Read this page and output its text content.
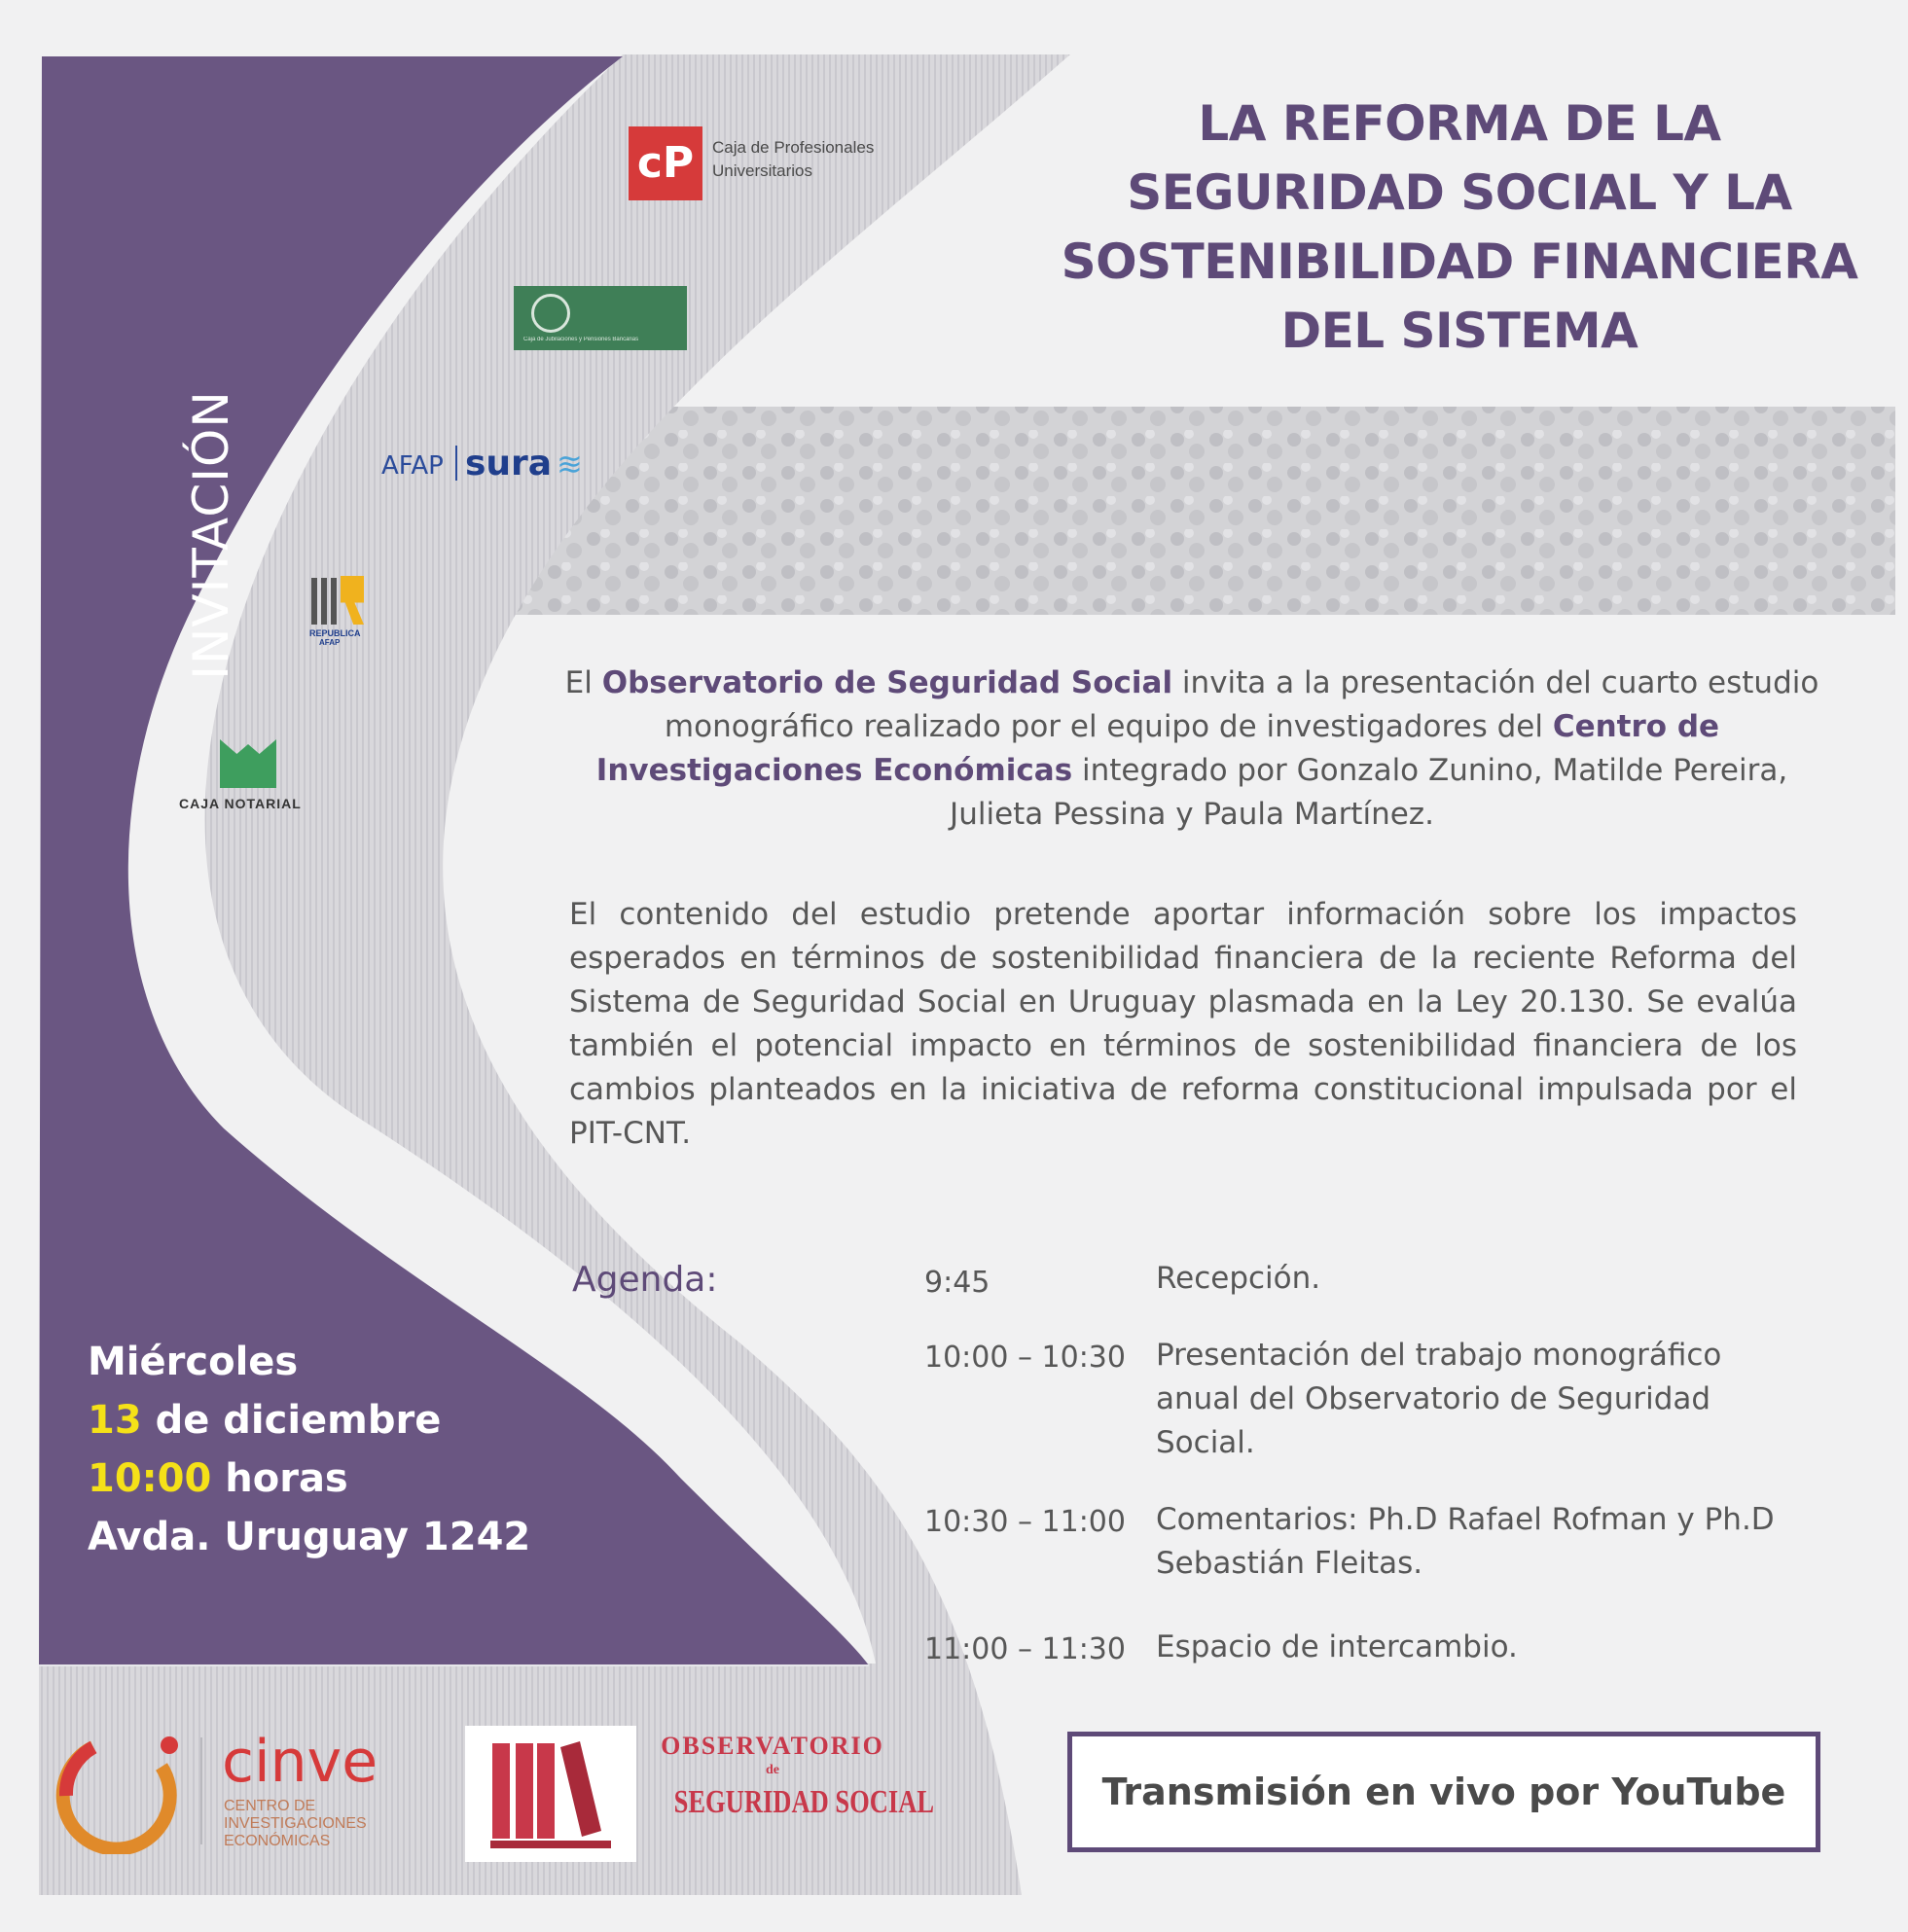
INVITACIÓN
LA REFORMA DE LA
SEGURIDAD SOCIAL Y LA
SOSTENIBILIDAD FINANCIERA
DEL SISTEMA
cP	Caja de Profesionales
Universitarios
Caja de Jubilaciones y Pensiones Bancarias
AFAP sura ≋
REPUBLICA
AFAP
CAJA NOTARIAL
El Observatorio de Seguridad Social invita a la presentación del cuarto estudio monográfico realizado por el equipo de investigadores del Centro de Investigaciones Económicas integrado por Gonzalo Zunino, Matilde Pereira, Julieta Pessina y Paula Martínez.
El contenido del estudio pretende aportar información sobre los impactos esperados en términos de sostenibilidad financiera de la reciente Reforma del Sistema de Seguridad Social en Uruguay plasmada en la Ley 20.130. Se evalúa también el potencial impacto en términos de sostenibilidad financiera de los cambios planteados en la iniciativa de reforma constitucional impulsada por el PIT-CNT.
Agenda:	9:45	Recepción.
10:00 – 10:30 Presentación del trabajo monográfico anual del Observatorio de Seguridad Social.
10:30 – 11:00 Comentarios: Ph.D Rafael Rofman y Ph.D Sebastián Fleitas.
11:00 – 11:30 Espacio de intercambio.
Miércoles
13 de diciembre
10:00 horas
Avda. Uruguay 1242
cinve
CENTRO DE
INVESTIGACIONES
ECONÓMICAS
OBSERVATORIO
de
SEGURIDAD SOCIAL	Transmisión en vivo por YouTube
